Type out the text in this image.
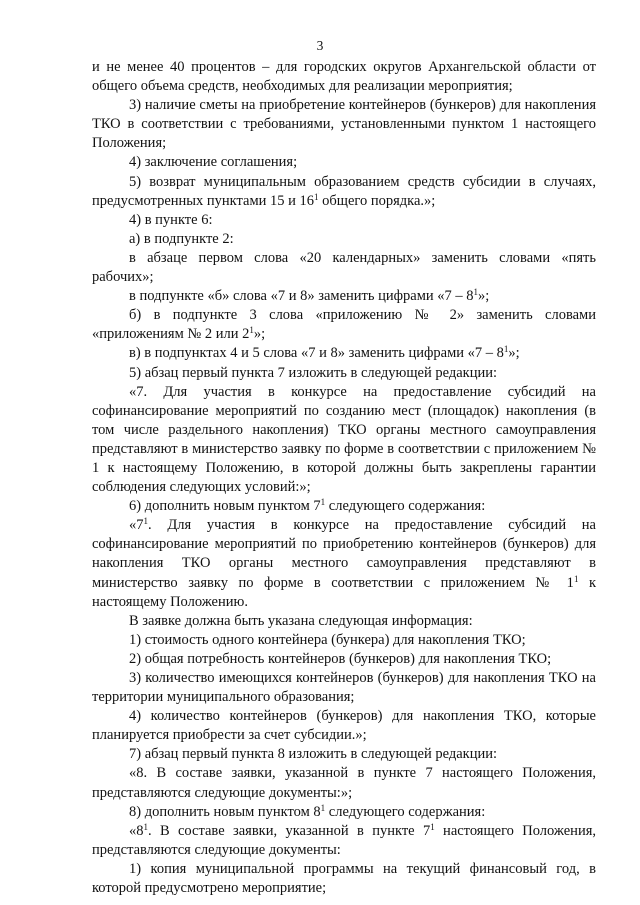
3

и не менее 40 процентов – для городских округов Архангельской области от общего объема средств, необходимых для реализации мероприятия;

3) наличие сметы на приобретение контейнеров (бункеров) для накопления ТКО в соответствии с требованиями, установленными пунктом 1 настоящего Положения;

4) заключение соглашения;

5) возврат муниципальным образованием средств субсидии в случаях, предусмотренных пунктами 15 и $16^1$ общего порядка.»;

4) в пункте 6:

а) в подпункте 2:

в абзаце первом слова «20 календарных» заменить словами «пять рабочих»;

в подпункте «б» слова «7 и 8» заменить цифрами «$7 - 8^1$»;

б) в подпункте 3 слова «приложению № 2» заменить словами «приложениям № 2 или $2^1$»;

в) в подпунктах 4 и 5 слова «7 и 8» заменить цифрами «$7 - 8^1$»;

5) абзац первый пункта 7 изложить в следующей редакции:

«7. Для участия в конкурсе на предоставление субсидий на софинансирование мероприятий по созданию мест (площадок) накопления (в том числе раздельного накопления) ТКО органы местного самоуправления представляют в министерство заявку по форме в соответствии с приложением № 1 к настоящему Положению, в которой должны быть закреплены гарантии соблюдения следующих условий:»;

6) дополнить новым пунктом $7^1$ следующего содержания:

«$7^1$. Для участия в конкурсе на предоставление субсидий на софинансирование мероприятий по приобретению контейнеров (бункеров) для накопления ТКО органы местного самоуправления представляют в министерство заявку по форме в соответствии с приложением № $1^1$ к настоящему Положению.

В заявке должна быть указана следующая информация:

1) стоимость одного контейнера (бункера) для накопления ТКО;

2) общая потребность контейнеров (бункеров) для накопления ТКО;

3) количество имеющихся контейнеров (бункеров) для накопления ТКО на территории муниципального образования;

4) количество контейнеров (бункеров) для накопления ТКО, которые планируется приобрести за счет субсидии.»;

7) абзац первый пункта 8 изложить в следующей редакции:

«8. В составе заявки, указанной в пункте 7 настоящего Положения, представляются следующие документы:»;

8) дополнить новым пунктом $8^1$ следующего содержания:

«$8^1$. В составе заявки, указанной в пункте $7^1$ настоящего Положения, представляются следующие документы:

1) копия муниципальной программы на текущий финансовый год, в которой предусмотрено мероприятие;
